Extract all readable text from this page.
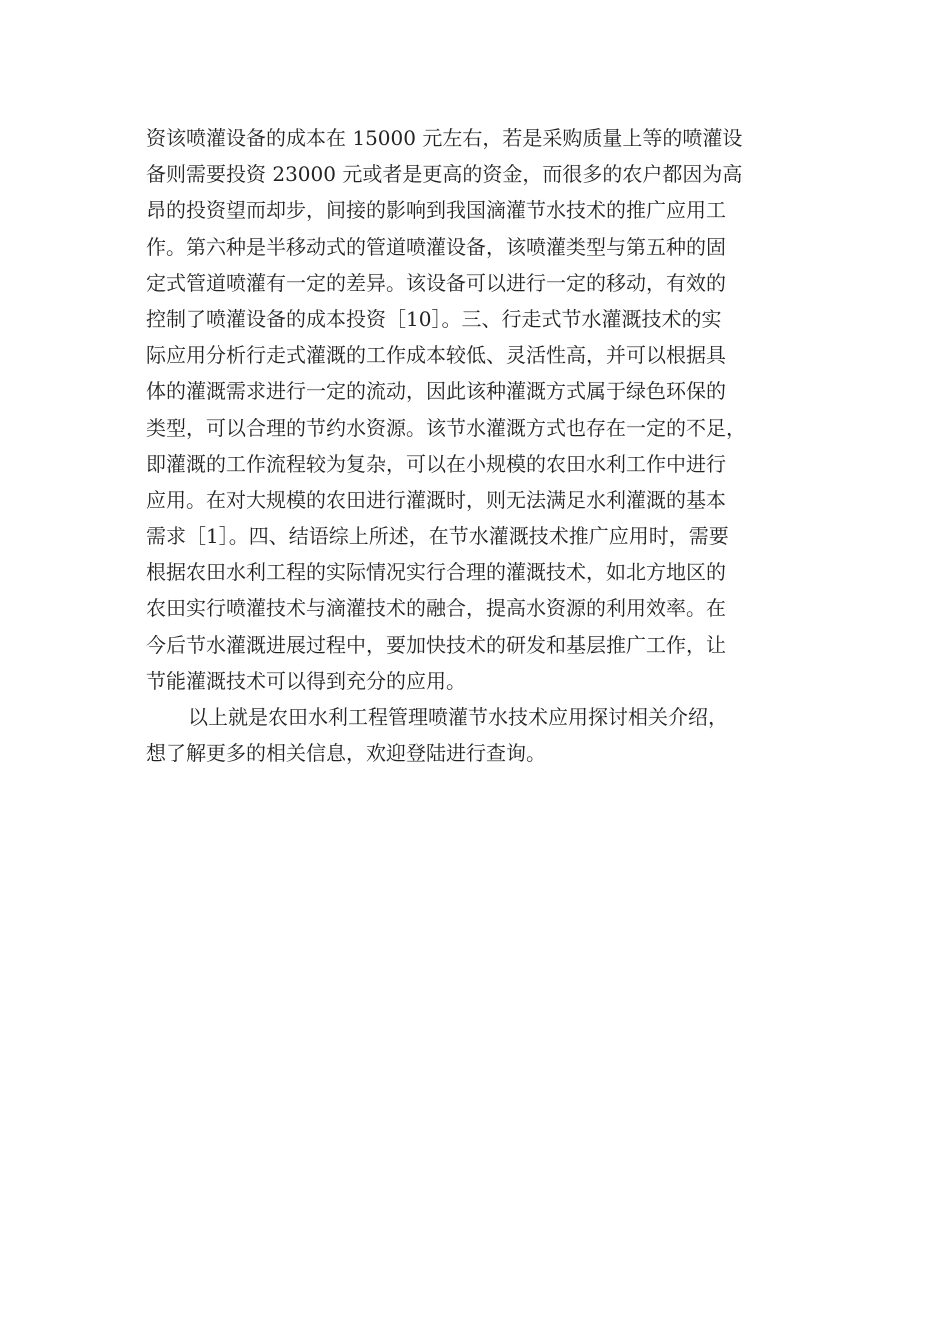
资该喷灌设备的成本在 15000 元左右，若是采购质量上等的喷灌设
备则需要投资 23000 元或者是更高的资金，而很多的农户都因为高
昂的投资望而却步，间接的影响到我国滴灌节水技术的推广应用工
作。第六种是半移动式的管道喷灌设备，该喷灌类型与第五种的固
定式管道喷灌有一定的差异。该设备可以进行一定的移动，有效的
控制了喷灌设备的成本投资［10］。三、行走式节水灌溉技术的实
际应用分析行走式灌溉的工作成本较低、灵活性高，并可以根据具
体的灌溉需求进行一定的流动，因此该种灌溉方式属于绿色环保的
类型，可以合理的节约水资源。该节水灌溉方式也存在一定的不足，
即灌溉的工作流程较为复杂，可以在小规模的农田水利工作中进行
应用。在对大规模的农田进行灌溉时，则无法满足水利灌溉的基本
需求［1］。四、结语综上所述，在节水灌溉技术推广应用时，需要
根据农田水利工程的实际情况实行合理的灌溉技术，如北方地区的
农田实行喷灌技术与滴灌技术的融合，提高水资源的利用效率。在
今后节水灌溉进展过程中，要加快技术的研发和基层推广工作，让
节能灌溉技术可以得到充分的应用。
以上就是农田水利工程管理喷灌节水技术应用探讨相关介绍，
想了解更多的相关信息，欢迎登陆进行查询。
